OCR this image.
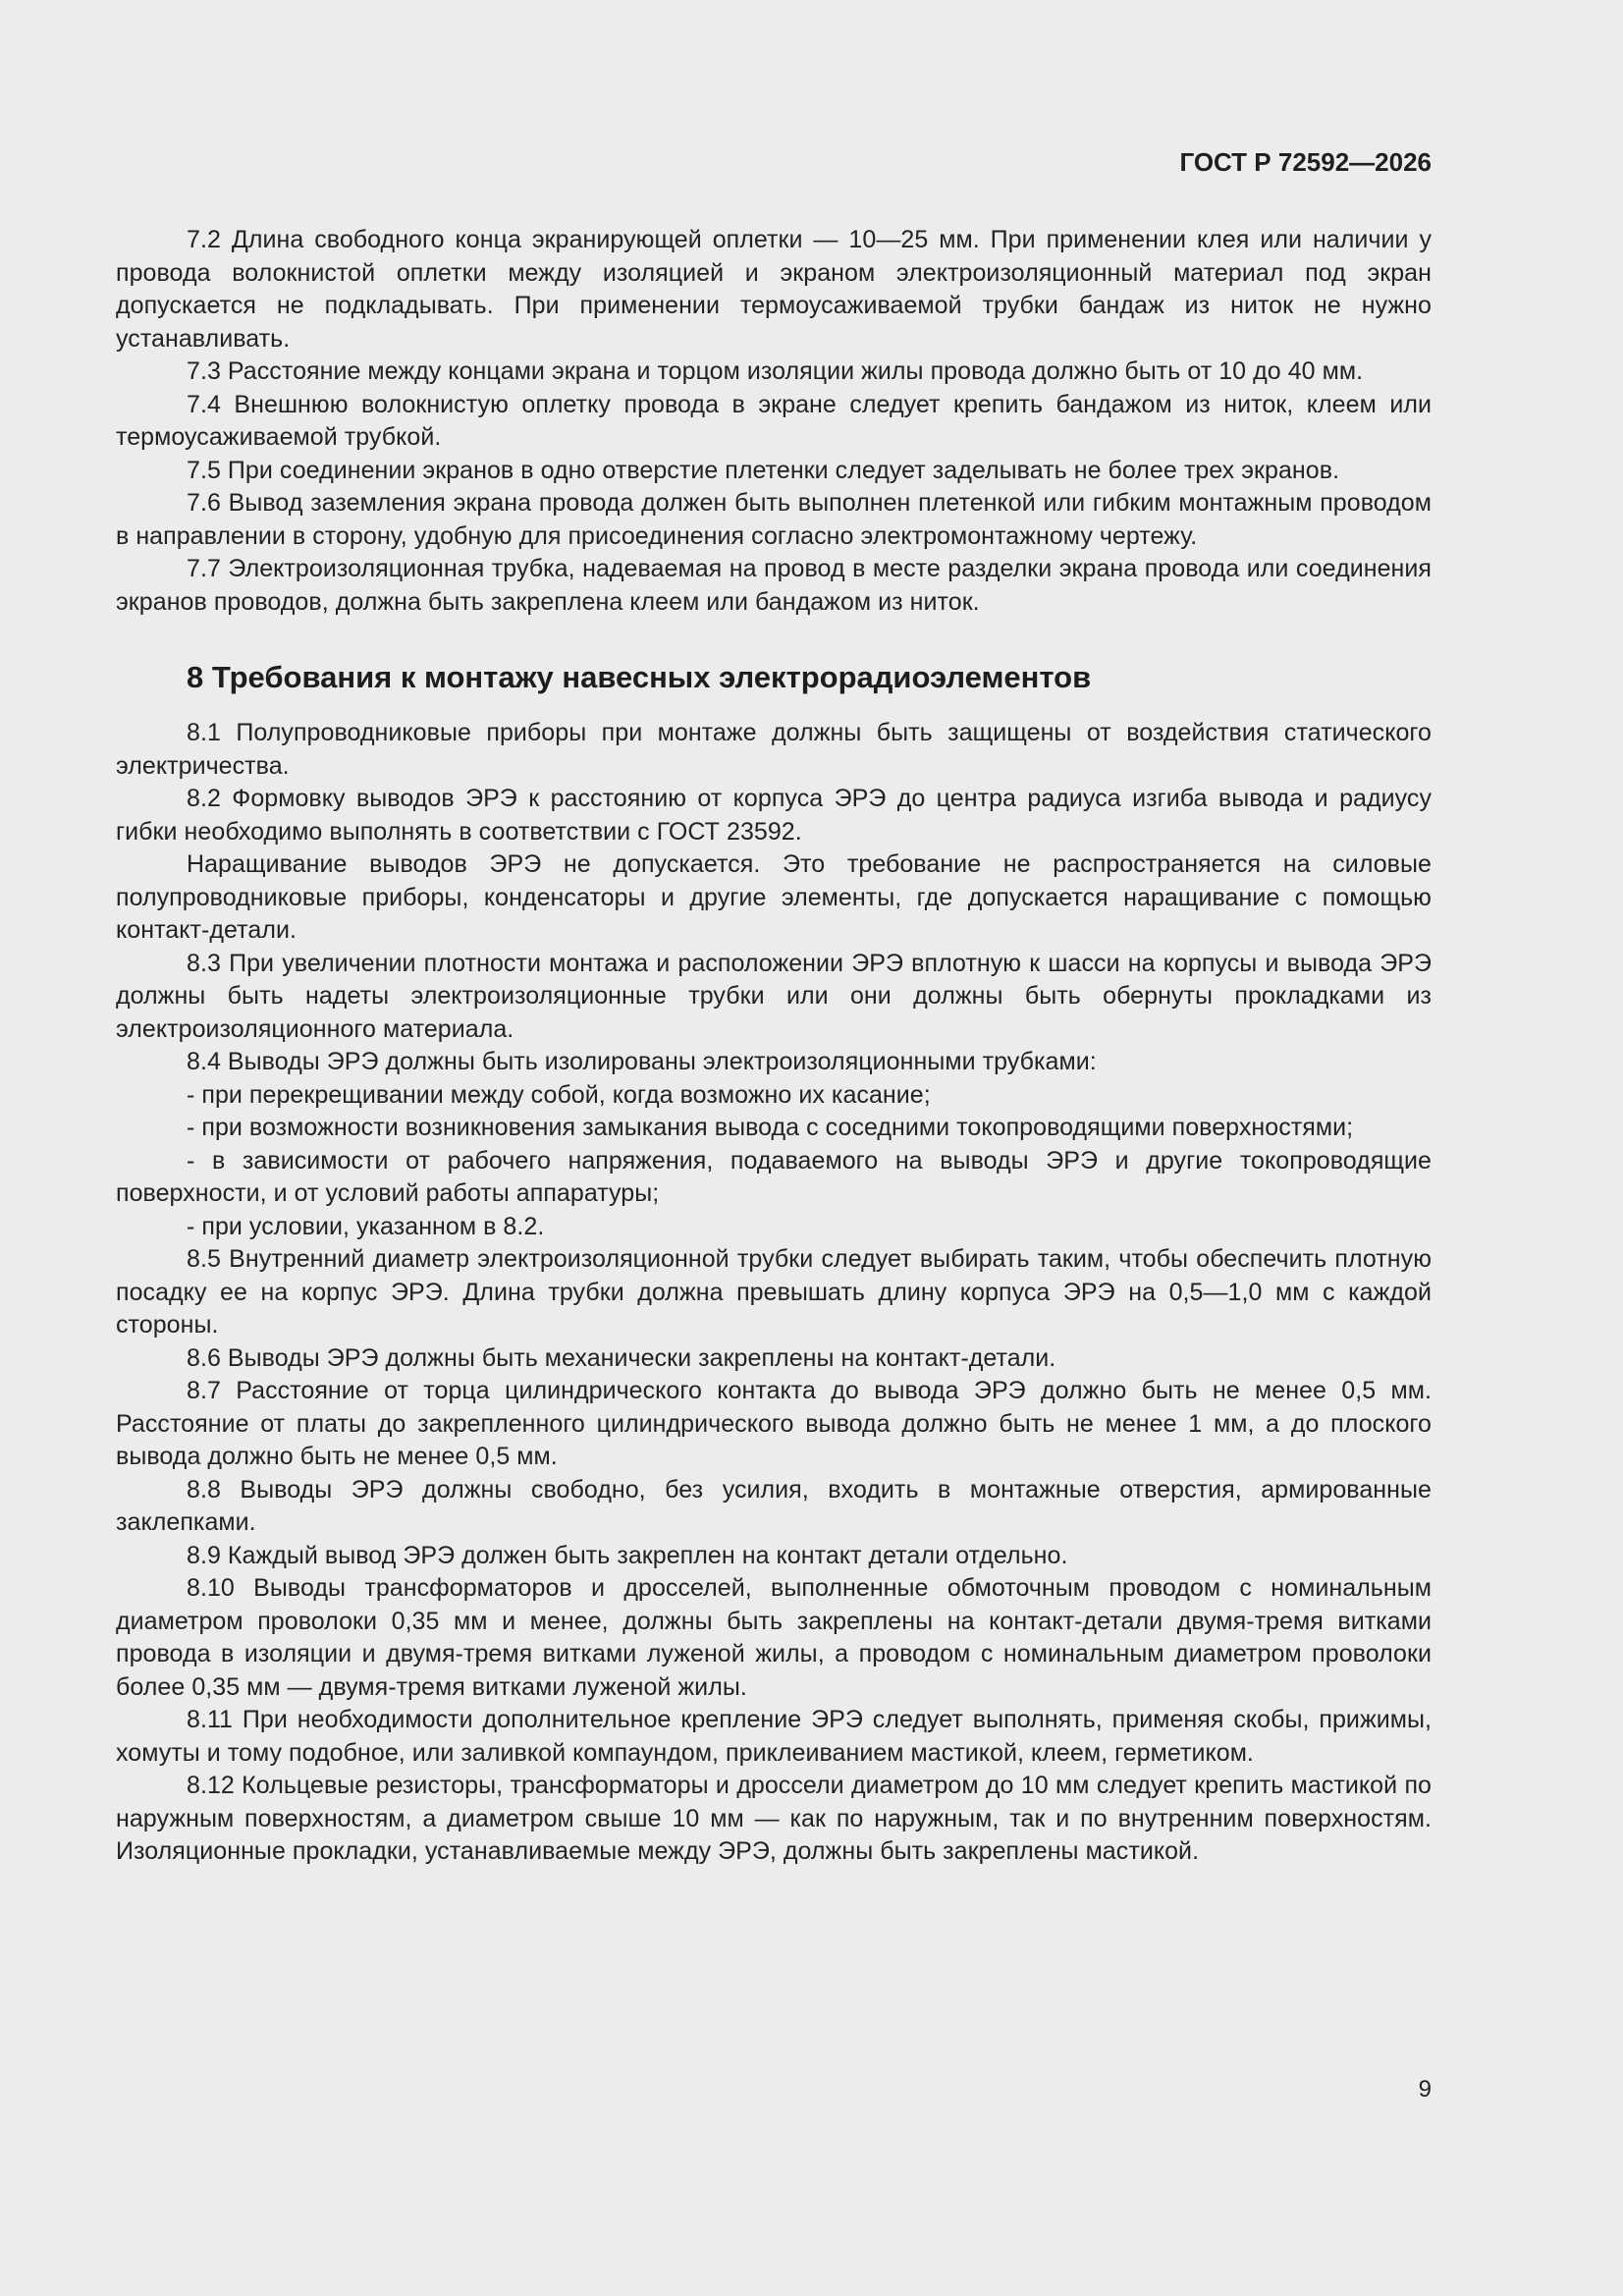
ГОСТ Р 72592—2026

7.2 Длина свободного конца экранирующей оплетки — 10—25 мм. При применении клея или наличии у провода волокнистой оплетки между изоляцией и экраном электроизоляционный материал под экран допускается не подкладывать. При применении термоусаживаемой трубки бандаж из ниток не нужно устанавливать.

7.3 Расстояние между концами экрана и торцом изоляции жилы провода должно быть от 10 до 40 мм.

7.4 Внешнюю волокнистую оплетку провода в экране следует крепить бандажом из ниток, клеем или термоусаживаемой трубкой.

7.5 При соединении экранов в одно отверстие плетенки следует заделывать не более трех экранов.

7.6 Вывод заземления экрана провода должен быть выполнен плетенкой или гибким монтажным проводом в направлении в сторону, удобную для присоединения согласно электромонтажному чертежу.

7.7 Электроизоляционная трубка, надеваемая на провод в месте разделки экрана провода или соединения экранов проводов, должна быть закреплена клеем или бандажом из ниток.

8 Требования к монтажу навесных электрорадиоэлементов

8.1 Полупроводниковые приборы при монтаже должны быть защищены от воздействия статического электричества.

8.2 Формовку выводов ЭРЭ к расстоянию от корпуса ЭРЭ до центра радиуса изгиба вывода и радиусу гибки необходимо выполнять в соответствии с ГОСТ 23592.

Наращивание выводов ЭРЭ не допускается. Это требование не распространяется на силовые полупроводниковые приборы, конденсаторы и другие элементы, где допускается наращивание с помощью контакт-детали.

8.3 При увеличении плотности монтажа и расположении ЭРЭ вплотную к шасси на корпусы и вывода ЭРЭ должны быть надеты электроизоляционные трубки или они должны быть обернуты прокладками из электроизоляционного материала.

8.4 Выводы ЭРЭ должны быть изолированы электроизоляционными трубками:

- при перекрещивании между собой, когда возможно их касание;

- при возможности возникновения замыкания вывода с соседними токопроводящими поверхностями;

- в зависимости от рабочего напряжения, подаваемого на выводы ЭРЭ и другие токопроводящие поверхности, и от условий работы аппаратуры;

- при условии, указанном в 8.2.

8.5 Внутренний диаметр электроизоляционной трубки следует выбирать таким, чтобы обеспечить плотную посадку ее на корпус ЭРЭ. Длина трубки должна превышать длину корпуса ЭРЭ на 0,5—1,0 мм с каждой стороны.

8.6 Выводы ЭРЭ должны быть механически закреплены на контакт-детали.

8.7 Расстояние от торца цилиндрического контакта до вывода ЭРЭ должно быть не менее 0,5 мм. Расстояние от платы до закрепленного цилиндрического вывода должно быть не менее 1 мм, а до плоского вывода должно быть не менее 0,5 мм.

8.8 Выводы ЭРЭ должны свободно, без усилия, входить в монтажные отверстия, армированные заклепками.

8.9 Каждый вывод ЭРЭ должен быть закреплен на контакт детали отдельно.

8.10 Выводы трансформаторов и дросселей, выполненные обмоточным проводом с номинальным диаметром проволоки 0,35 мм и менее, должны быть закреплены на контакт-детали двумя-тремя витками провода в изоляции и двумя-тремя витками луженой жилы, а проводом с номинальным диаметром проволоки более 0,35 мм — двумя-тремя витками луженой жилы.

8.11 При необходимости дополнительное крепление ЭРЭ следует выполнять, применяя скобы, прижимы, хомуты и тому подобное, или заливкой компаундом, приклеиванием мастикой, клеем, герметиком.

8.12 Кольцевые резисторы, трансформаторы и дроссели диаметром до 10 мм следует крепить мастикой по наружным поверхностям, а диаметром свыше 10 мм — как по наружным, так и по внутренним поверхностям. Изоляционные прокладки, устанавливаемые между ЭРЭ, должны быть закреплены мастикой.

9
